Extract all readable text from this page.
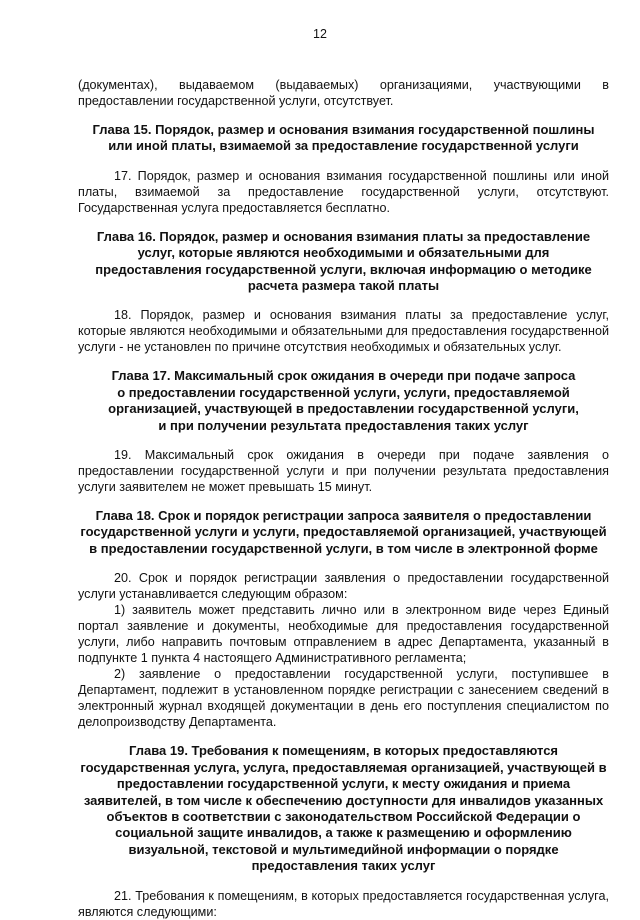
12

(документах), выдаваемом (выдаваемых) организациями, участвующими в предоставлении государственной услуги, отсутствует.

Глава 15. Порядок, размер и основания взимания государственной пошлины или иной платы, взимаемой за предоставление государственной услуги

17. Порядок, размер и основания взимания государственной пошлины или иной платы, взимаемой за предоставление государственной услуги, отсутствуют. Государственная услуга предоставляется бесплатно.

Глава 16. Порядок, размер и основания взимания платы за предоставление услуг, которые являются необходимыми и обязательными для предоставления государственной услуги, включая информацию о методике расчета размера такой платы

18. Порядок, размер и основания взимания платы за предоставление услуг, которые являются необходимыми и обязательными для предоставления государственной услуги - не установлен по причине отсутствия необходимых и обязательных услуг.

Глава 17. Максимальный срок ожидания в очереди при подаче запроса о предоставлении государственной услуги, услуги, предоставляемой организацией, участвующей в предоставлении государственной услуги, и при получении результата предоставления таких услуг

19. Максимальный срок ожидания в очереди при подаче заявления о предоставлении государственной услуги и при получении результата предоставления услуги заявителем не может превышать 15 минут.

Глава 18. Срок и порядок регистрации запроса заявителя о предоставлении государственной услуги и услуги, предоставляемой организацией, участвующей в предоставлении государственной услуги, в том числе в электронной форме

20. Срок и порядок регистрации заявления о предоставлении государственной услуги устанавливается следующим образом:

1) заявитель может представить лично или в электронном виде через Единый портал заявление и документы, необходимые для предоставления государственной услуги, либо направить почтовым отправлением в адрес Департамента, указанный в подпункте 1 пункта 4 настоящего Административного регламента;

2) заявление о предоставлении государственной услуги, поступившее в Департамент, подлежит в установленном порядке регистрации с занесением сведений в электронный журнал входящей документации в день его поступления специалистом по делопроизводству Департамента.

Глава 19. Требования к помещениям, в которых предоставляются государственная услуга, услуга, предоставляемая организацией, участвующей в предоставлении государственной услуги, к месту ожидания и приема заявителей, в том числе к обеспечению доступности для инвалидов указанных объектов в соответствии с законодательством Российской Федерации о социальной защите инвалидов, а также к размещению и оформлению визуальной, текстовой и мультимедийной информации о порядке предоставления таких услуг

21. Требования к помещениям, в которых предоставляется государственная услуга, являются следующими:
